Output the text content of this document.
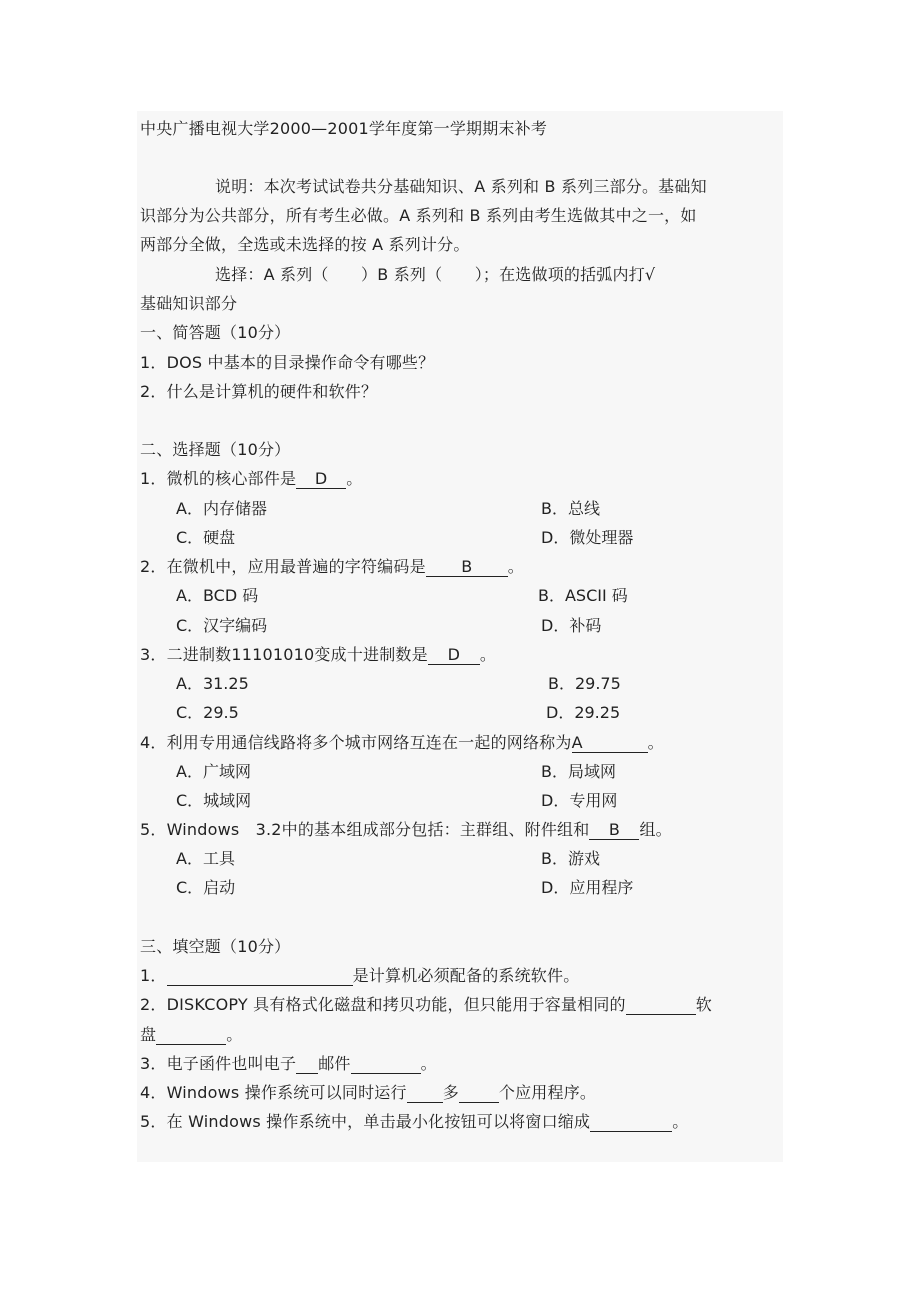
中央广播电视大学2000—2001学年度第一学期期末补考
说明：本次考试试卷共分基础知识、A 系列和 B 系列三部分。基础知
识部分为公共部分，所有考生必做。A 系列和 B 系列由考生选做其中之一，如
两部分全做，全选或未选择的按 A 系列计分。
选择：A 系列（　　）B 系列（　　）；在选做项的括弧内打√
基础知识部分
一、简答题（10分）
1．DOS 中基本的目录操作命令有哪些？
2．什么是计算机的硬件和软件？
二、选择题（10分）
1．微机的核心部件是 D 。
A．内存储器	B．总线
C．硬盘	D．微处理器
2．在微机中，应用最普遍的字符编码是 B 。
A．BCD 码	B．ASCII 码
C．汉字编码	D．补码
3．二进制数11101010变成十进制数是 D 。
A．31.25	B．29.75
C．29.5	D．29.25
4．利用专用通信线路将多个城市网络互连在一起的网络称为A	。
A．广域网	B．局域网
C．城域网	D．专用网
5．Windows　3.2中的基本组成部分包括：主群组、附件组和 B 组。
A．工具	B．游戏
C．启动	D．应用程序
三、填空题（10分）
1．	是计算机必须配备的系统软件。
2．DISKCOPY 具有格式化磁盘和拷贝功能，但只能用于容量相同的	软
盘	。
3．电子函件也叫电子 邮件	。
4．Windows 操作系统可以同时运行 多	个应用程序。
5．在 Windows 操作系统中，单击最小化按钮可以将窗口缩成	。
